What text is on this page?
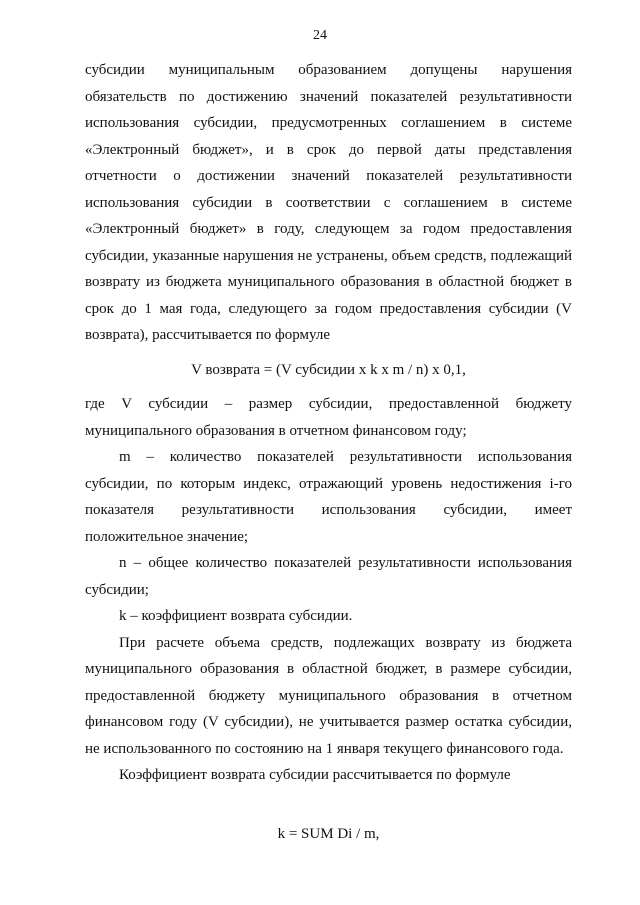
24

субсидии муниципальным образованием допущены нарушения обязательств по достижению значений показателей результативности использования субсидии, предусмотренных соглашением в системе «Электронный бюджет», и в срок до первой даты представления отчетности о достижении значений показателей результативности использования субсидии в соответствии с соглашением в системе «Электронный бюджет» в году, следующем за годом предоставления субсидии, указанные нарушения не устранены, объем средств, подлежащий возврату из бюджета муниципального образования в областной бюджет в срок до 1 мая года, следующего за годом предоставления субсидии (V возврата), рассчитывается по формуле

V возврата = (V субсидии x k x m / n) x 0,1,

где V субсидии – размер субсидии, предоставленной бюджету муниципального образования в отчетном финансовом году;

m – количество показателей результативности использования субсидии, по которым индекс, отражающий уровень недостижения i-го показателя результативности использования субсидии, имеет положительное значение;

n – общее количество показателей результативности использования субсидии;

k – коэффициент возврата субсидии.

При расчете объема средств, подлежащих возврату из бюджета муниципального образования в областной бюджет, в размере субсидии, предоставленной бюджету муниципального образования в отчетном финансовом году (V субсидии), не учитывается размер остатка субсидии, не использованного по состоянию на 1 января текущего финансового года.

Коэффициент возврата субсидии рассчитывается по формуле

k = SUM Di / m,
